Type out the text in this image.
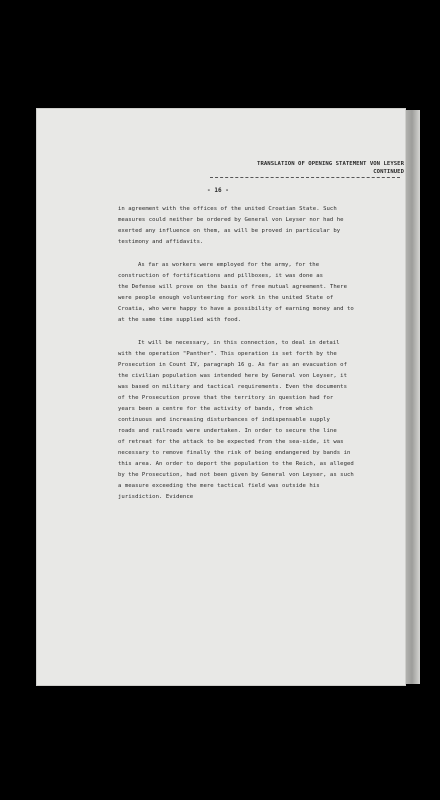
TRANSLATION OF OPENING STATEMENT VON LEYSER
CONTINUED
- 16 -
in agreement with the offices of the united Croatian State. Such
measures could neither be ordered by General von Leyser nor had he
exerted any influence on them, as will be proved in particular by
testimony and affidavits.
As far as workers were employed for the army, for the
construction of fortifications and pillboxes, it was done as
the Defense will prove on the basis of free mutual agreement. There
were people enough volunteering for work in the united State of
Croatia, who were happy to have a possibility of earning money and to
at the same time supplied with food.
It will be necessary, in this connection, to deal in detail
with the operation "Panther". This operation is set forth by the
Prosecution in Count IV, paragraph 16 g. As far as an evacuation of
the civilian population was intended here by General von Leyser, it
was based on military and tactical requirements. Even the documents
of the Prosecution prove that the territory in question had for
years been a centre for the activity of bands, from which
continuous and increasing disturbances of indispensable supply
roads and railroads were undertaken. In order to secure the line
of retreat for the attack to be expected from the sea-side, it was
necessary to remove finally the risk of being endangered by bands in
this area. An order to deport the population to the Reich, as alleged
by the Prosecution, had not been given by General von Leyser, as such
a measure exceeding the mere tactical field was outside his
jurisdiction. Evidence
